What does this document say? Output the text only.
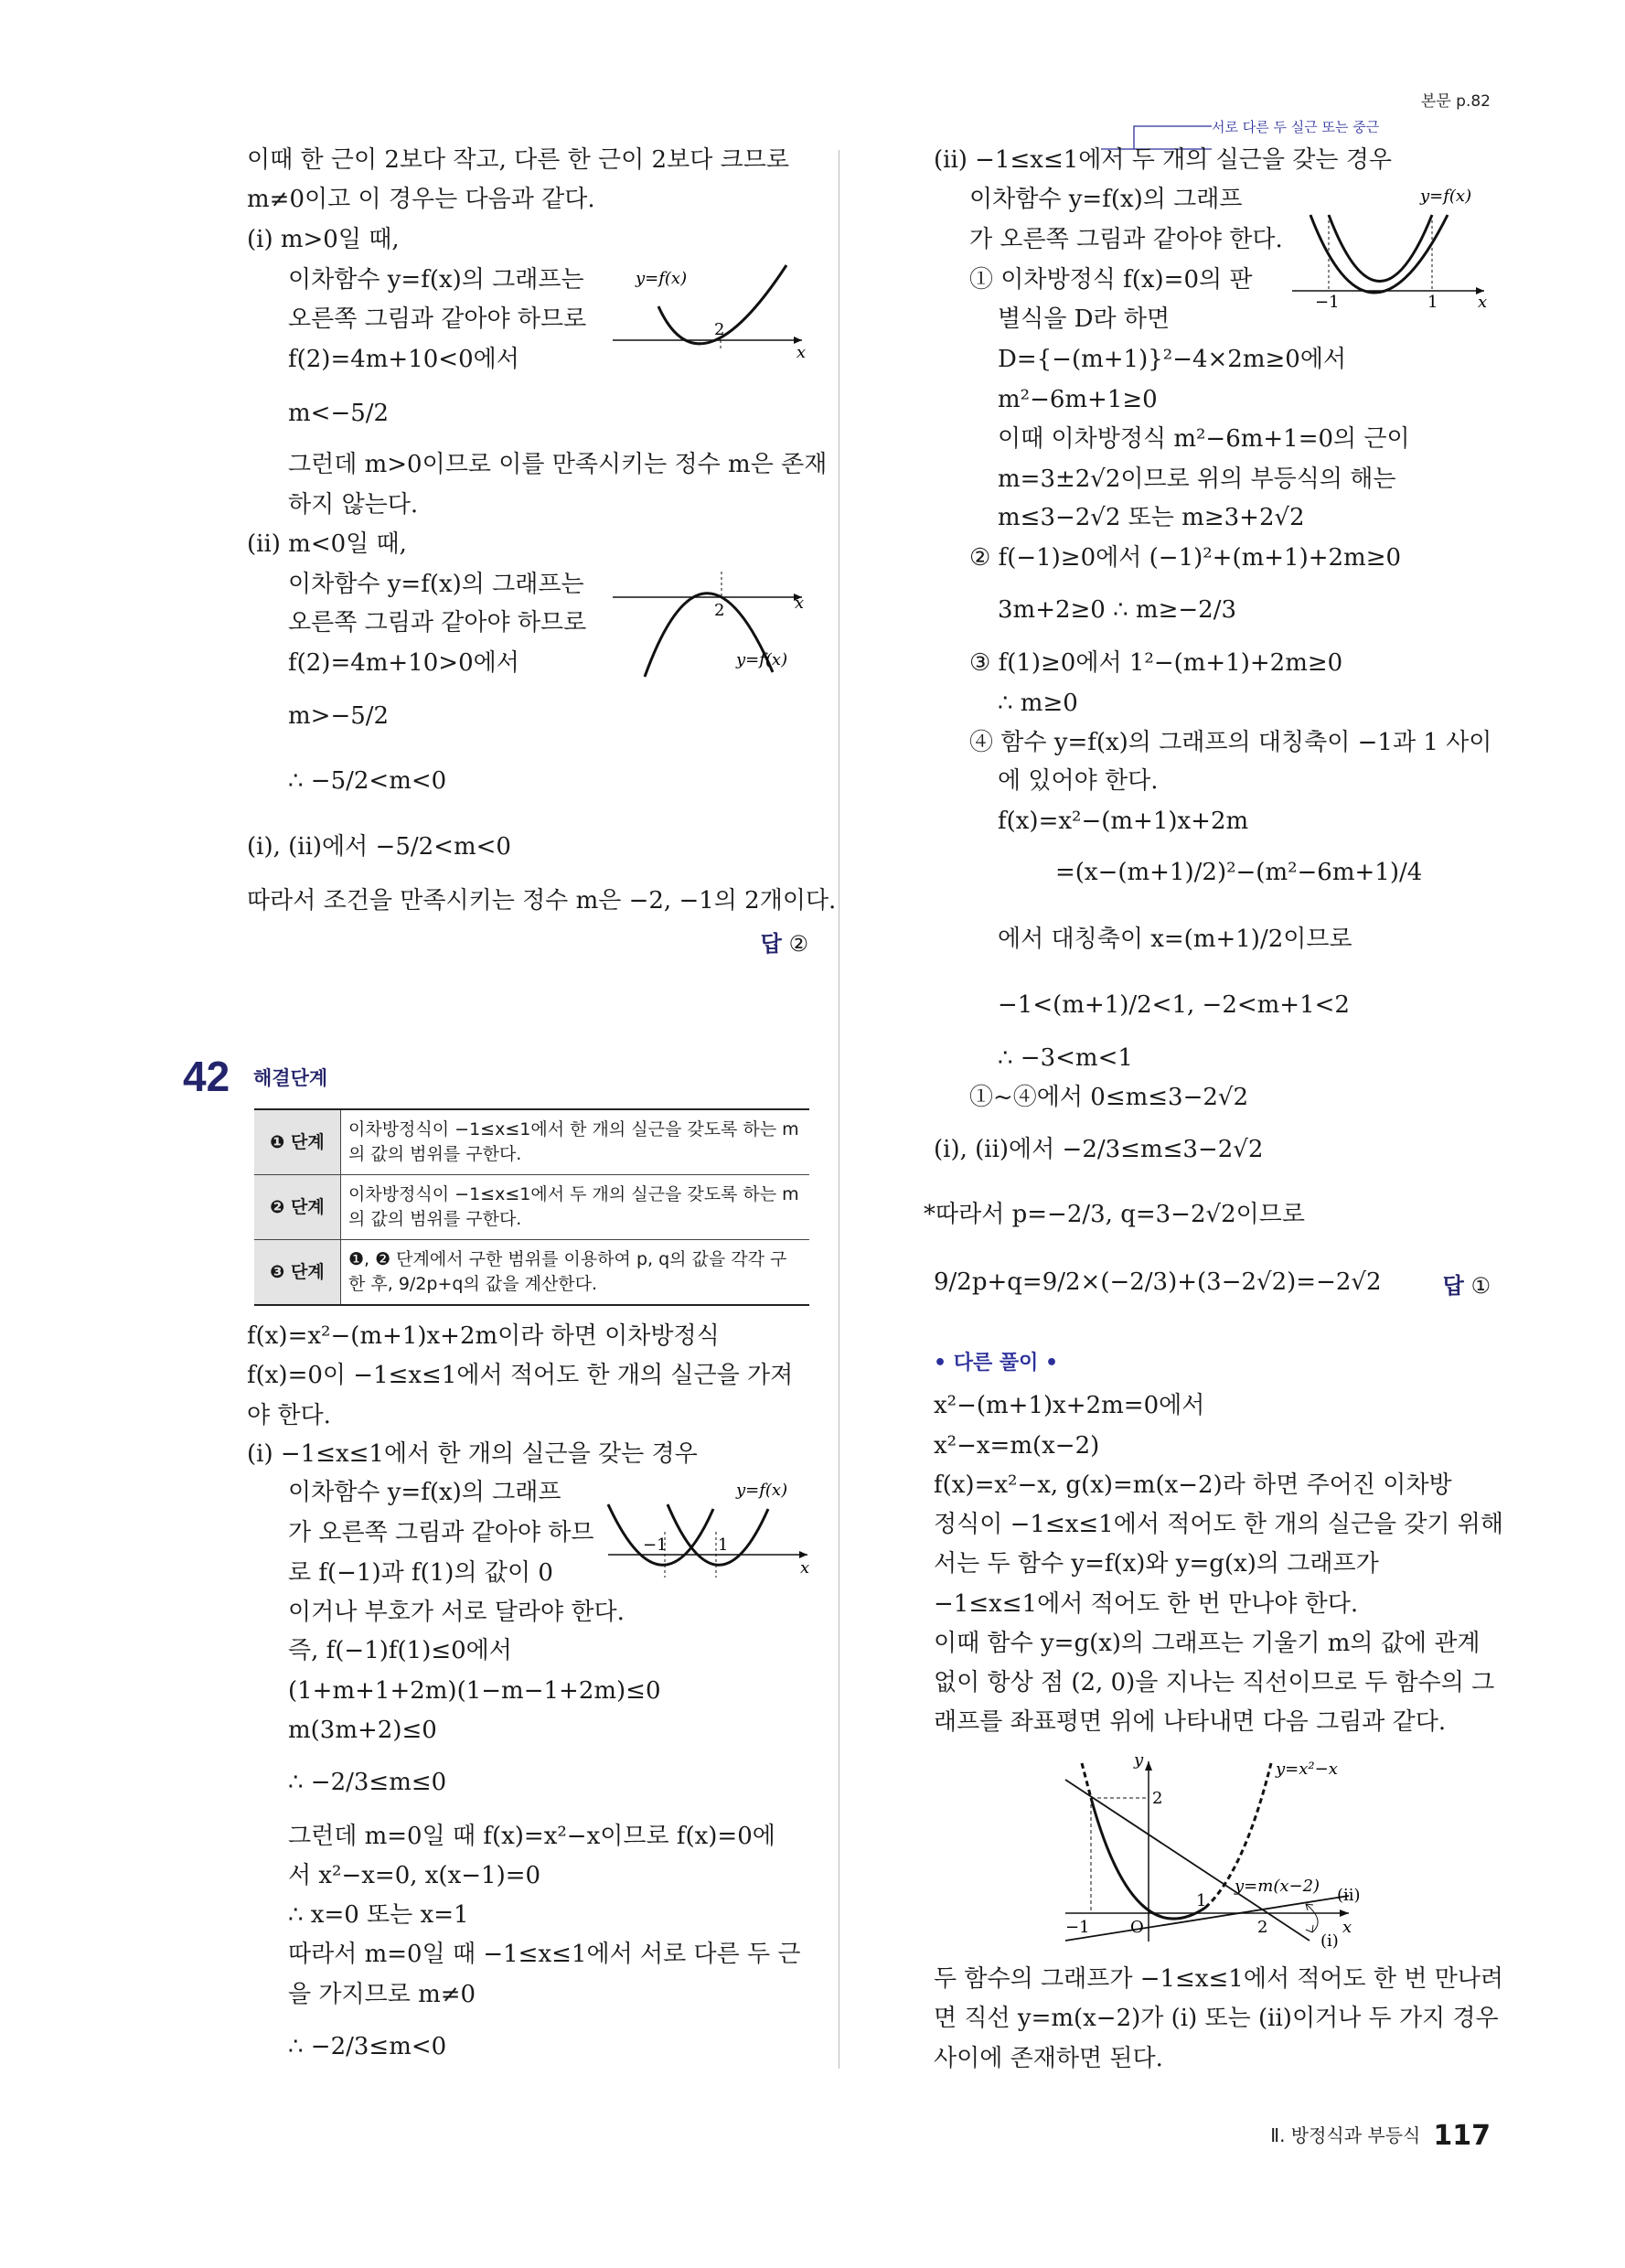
본문 p.82
서로 다른 두 실근 또는 중근
이때 한 근이 2보다 작고, 다른 한 근이 2보다 크므로
m≠0이고 이 경우는 다음과 같다.
(i) m>0일 때,
이차함수 y=f(x)의 그래프는
오른쪽 그림과 같아야 하므로
f(2)=4m+10<0에서
m<−5/2
그런데 m>0이므로 이를 만족시키는 정수 m은 존재
하지 않는다.
(ii) m<0일 때,
이차함수 y=f(x)의 그래프는
오른쪽 그림과 같아야 하므로
f(2)=4m+10>0에서
m>−5/2
∴ −5/2<m<0
(i), (ii)에서 −5/2<m<0
따라서 조건을 만족시키는 정수 m은 −2, −1의 2개이다.
f(x)=x²−(m+1)x+2m이라 하면 이차방정식
f(x)=0이 −1≤x≤1에서 적어도 한 개의 실근을 가져
야 한다.
(i) −1≤x≤1에서 한 개의 실근을 갖는 경우
이차함수 y=f(x)의 그래프
가 오른쪽 그림과 같아야 하므
로 f(−1)과 f(1)의 값이 0
이거나 부호가 서로 달라야 한다.
즉, f(−1)f(1)≤0에서
(1+m+1+2m)(1−m−1+2m)≤0
m(3m+2)≤0
∴ −2/3≤m≤0
그런데 m=0일 때 f(x)=x²−x이므로 f(x)=0에
서 x²−x=0, x(x−1)=0
∴ x=0 또는 x=1
따라서 m=0일 때 −1≤x≤1에서 서로 다른 두 근
을 가지므로 m≠0
∴ −2/3≤m<0
(ii) −1≤x≤1에서 두 개의 실근을 갖는 경우
이차함수 y=f(x)의 그래프
가 오른쪽 그림과 같아야 한다.
① 이차방정식 f(x)=0의 판
별식을 D라 하면
D={−(m+1)}²−4×2m≥0에서
m²−6m+1≥0
이때 이차방정식 m²−6m+1=0의 근이
m=3±2√2이므로 위의 부등식의 해는
m≤3−2√2 또는 m≥3+2√2
② f(−1)≥0에서 (−1)²+(m+1)+2m≥0
3m+2≥0 ∴ m≥−2/3
③ f(1)≥0에서 1²−(m+1)+2m≥0
∴ m≥0
④ 함수 y=f(x)의 그래프의 대칭축이 −1과 1 사이
에 있어야 한다.
f(x)=x²−(m+1)x+2m
=(x−(m+1)/2)²−(m²−6m+1)/4
에서 대칭축이 x=(m+1)/2이므로
−1<(m+1)/2<1, −2<m+1<2
∴ −3<m<1
①~④에서 0≤m≤3−2√2
(i), (ii)에서 −2/3≤m≤3−2√2
*따라서 p=−2/3, q=3−2√2이므로
9/2p+q=9/2×(−2/3)+(3−2√2)=−2√2
x²−(m+1)x+2m=0에서
x²−x=m(x−2)
f(x)=x²−x, g(x)=m(x−2)라 하면 주어진 이차방
정식이 −1≤x≤1에서 적어도 한 개의 실근을 갖기 위해
서는 두 함수 y=f(x)와 y=g(x)의 그래프가
−1≤x≤1에서 적어도 한 번 만나야 한다.
이때 함수 y=g(x)의 그래프는 기울기 m의 값에 관계
없이 항상 점 (2, 0)을 지나는 직선이므로 두 함수의 그
래프를 좌표평면 위에 나타내면 다음 그림과 같다.
두 함수의 그래프가 −1≤x≤1에서 적어도 한 번 만나려
면 직선 y=m(x−2)가 (i) 또는 (ii)이거나 두 가지 경우
사이에 존재하면 된다.
답 ②
42 해결단계
❶ 단계	이차방정식이 −1≤x≤1에서 한 개의 실근을 갖도록 하는 m의 값의 범위를 구한다.
❷ 단계	이차방정식이 −1≤x≤1에서 두 개의 실근을 갖도록 하는 m의 값의 범위를 구한다.
❸ 단계	❶, ❷ 단계에서 구한 범위를 이용하여 p, q의 값을 각각 구한 후, 9/2p+q의 값을 계산한다.	답 ①
• 다른 풀이 •
2
x
y=f(x)
2	x
y=f(x)
−1	1
x
y=f(x)
−1	1 x
y=f(x)
y
x
2
−1 O
1
2
y=x²−x
y=m(x−2) (ii)
(i)
Ⅱ. 방정식과 부등식 117
